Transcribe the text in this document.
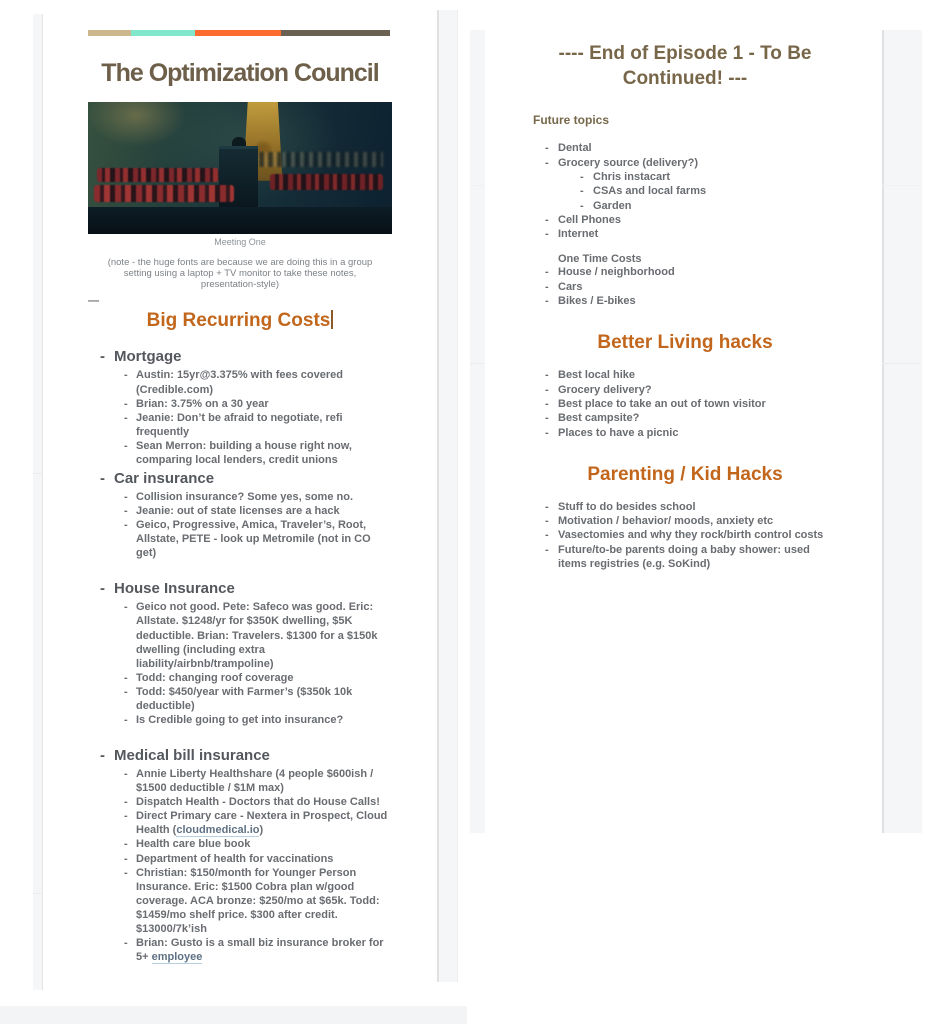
The Optimization Council
Meeting One
(note - the huge fonts are because we are doing this in a group setting using a laptop + TV monitor to take these notes, presentation-style)
—
Big Recurring Costs
- Mortgage
- Austin: 15yr@3.375% with fees covered (Credible.com)
- Brian: 3.75% on a 30 year
- Jeanie: Don’t be afraid to negotiate, refi frequently
- Sean Merron: building a house right now, comparing local lenders, credit unions
- Car insurance
- Collision insurance? Some yes, some no.
- Jeanie: out of state licenses are a hack
- Geico, Progressive, Amica, Traveler’s, Root, Allstate, PETE - look up Metromile (not in CO get)
- House Insurance
- Geico not good. Pete: Safeco was good. Eric: Allstate. $1248/yr for $350K dwelling, $5K deductible. Brian: Travelers. $1300 for a $150k dwelling (including extra liability/airbnb/trampoline)
- Todd: changing roof coverage
- Todd: $450/year with Farmer’s ($350k 10k deductible)
- Is Credible going to get into insurance?
- Medical bill insurance
- Annie Liberty Healthshare (4 people $600ish / $1500 deductible / $1M max)
- Dispatch Health - Doctors that do House Calls!
- Direct Primary care - Nextera in Prospect, Cloud Health (cloudmedical.io)
- Health care blue book
- Department of health for vaccinations
- Christian: $150/month for Younger Person Insurance. Eric: $1500 Cobra plan w/good coverage. ACA bronze: $250/mo at $65k. Todd: $1459/mo shelf price. $300 after credit. $13000/7k’ish
- Brian: Gusto is a small biz insurance broker for 5+ employee
---- End of Episode 1 - To Be Continued! ---
Future topics
- Dental
- Grocery source (delivery?)
- Chris instacart
- CSAs and local farms
- Garden
- Cell Phones
- Internet
One Time Costs
- House / neighborhood
- Cars
- Bikes / E-bikes
Better Living hacks
- Best local hike
- Grocery delivery?
- Best place to take an out of town visitor
- Best campsite?
- Places to have a picnic
Parenting / Kid Hacks
- Stuff to do besides school
- Motivation / behavior/ moods, anxiety etc
- Vasectomies and why they rock/birth control costs
- Future/to-be parents doing a baby shower: used items registries (e.g. SoKind)
